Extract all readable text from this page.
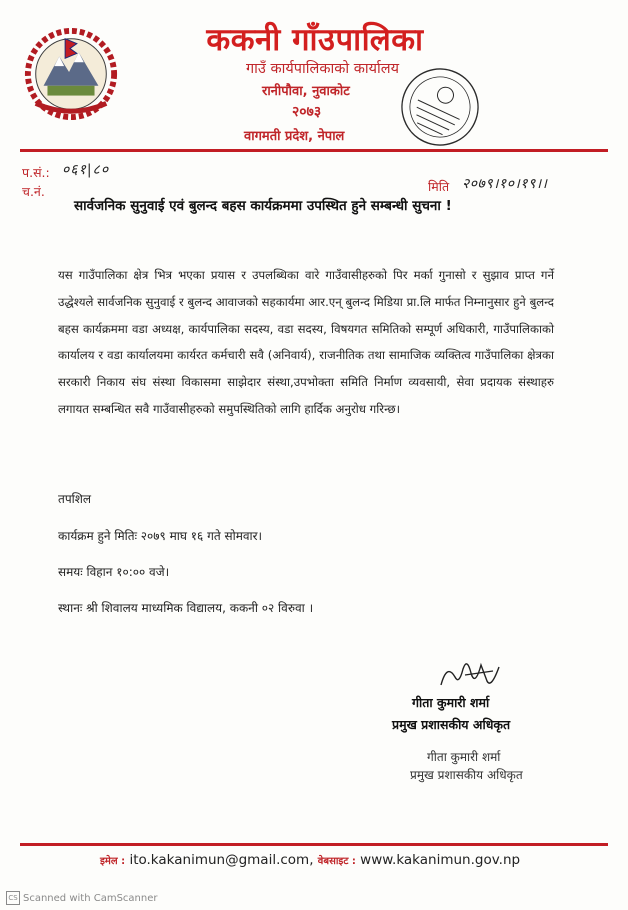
ककनी गाँउपालिका
गाउँ कार्यपालिकाको कार्यालय
रानीपौवा, नुवाकोट
२०७३
वागमती प्रदेश, नेपाल
प.सं.: ०६१|८०
च.नं.	मिति २०७९।१०।१९।।
सार्वजनिक सुनुवाई एवं बुलन्द बहस कार्यक्रममा उपस्थित हुने सम्बन्धी सुचना !
यस गाउँपालिका क्षेत्र भित्र भएका प्रयास र उपलब्धिका वारे गाउँवासीहरुको पिर मर्का गुनासो र सुझाव प्राप्त गर्ने उद्धेश्यले सार्वजनिक सुनुवाई र बुलन्द आवाजको सहकार्यमा आर.एन् बुलन्द मिडिया प्रा.लि मार्फत निम्नानुसार हुने बुलन्द बहस कार्यक्रममा वडा अध्यक्ष, कार्यपालिका सदस्य, वडा सदस्य, विषयगत समितिको सम्पूर्ण अधिकारी, गाउँपालिकाको कार्यालय र वडा कार्यालयमा कार्यरत कर्मचारी सवै (अनिवार्य), राजनीतिक तथा सामाजिक व्यक्तित्व गाउँपालिका क्षेत्रका सरकारी निकाय संघ संस्था विकासमा साझेदार संस्था,उपभोक्ता समिति निर्माण व्यवसायी, सेवा प्रदायक संस्थाहरु लगायत सम्बन्धित सवै गाउँवासीहरुको समुपस्थितिको लागि हार्दिक अनुरोध गरिन्छ।
तपशिल
कार्यक्रम हुने मितिः २०७९ माघ १६ गते सोमवार।
समयः विहान १०:०० वजे।
स्थानः श्री शिवालय माध्यमिक विद्यालय, ककनी ०२ विरुवा ।
गीता कुमारी शर्मा
प्रमुख प्रशासकीय अधिकृत
गीता कुमारी शर्मा
प्रमुख प्रशासकीय अधिकृत
इमेल : ito.kakanimun@gmail.com, वेबसाइट : www.kakanimun.gov.np
CS Scanned with CamScanner
